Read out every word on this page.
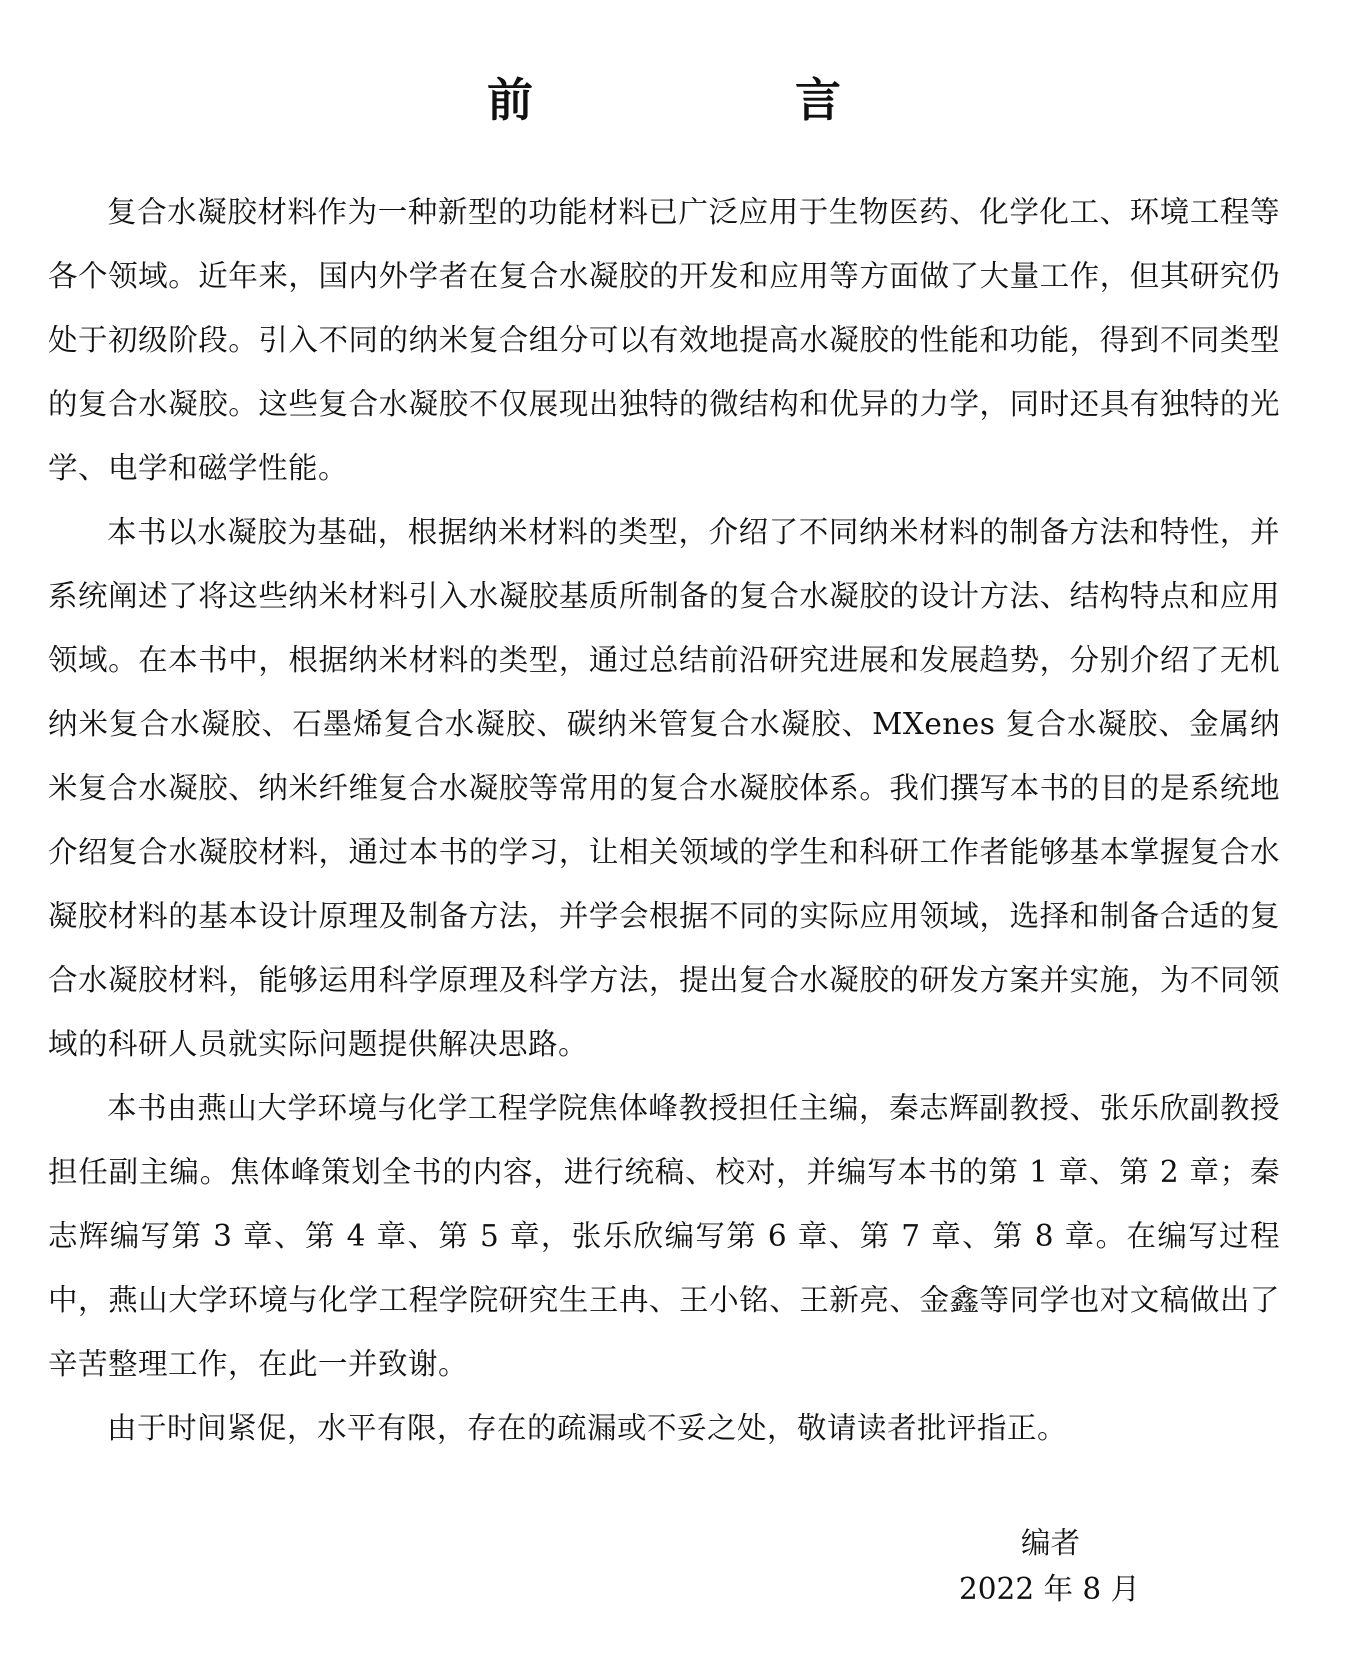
前　言

复合水凝胶材料作为一种新型的功能材料已广泛应用于生物医药、化学化工、环境工程等各个领域。近年来，国内外学者在复合水凝胶的开发和应用等方面做了大量工作，但其研究仍处于初级阶段。引入不同的纳米复合组分可以有效地提高水凝胶的性能和功能，得到不同类型的复合水凝胶。这些复合水凝胶不仅展现出独特的微结构和优异的力学，同时还具有独特的光学、电学和磁学性能。

本书以水凝胶为基础，根据纳米材料的类型，介绍了不同纳米材料的制备方法和特性，并系统阐述了将这些纳米材料引入水凝胶基质所制备的复合水凝胶的设计方法、结构特点和应用领域。在本书中，根据纳米材料的类型，通过总结前沿研究进展和发展趋势，分别介绍了无机纳米复合水凝胶、石墨烯复合水凝胶、碳纳米管复合水凝胶、MXenes 复合水凝胶、金属纳米复合水凝胶、纳米纤维复合水凝胶等常用的复合水凝胶体系。我们撰写本书的目的是系统地介绍复合水凝胶材料，通过本书的学习，让相关领域的学生和科研工作者能够基本掌握复合水凝胶材料的基本设计原理及制备方法，并学会根据不同的实际应用领域，选择和制备合适的复合水凝胶材料，能够运用科学原理及科学方法，提出复合水凝胶的研发方案并实施，为不同领域的科研人员就实际问题提供解决思路。

本书由燕山大学环境与化学工程学院焦体峰教授担任主编，秦志辉副教授、张乐欣副教授担任副主编。焦体峰策划全书的内容，进行统稿、校对，并编写本书的第 1 章、第 2 章；秦志辉编写第 3 章、第 4 章、第 5 章，张乐欣编写第 6 章、第 7 章、第 8 章。在编写过程中，燕山大学环境与化学工程学院研究生王冉、王小铭、王新亮、金鑫等同学也对文稿做出了辛苦整理工作，在此一并致谢。

由于时间紧促，水平有限，存在的疏漏或不妥之处，敬请读者批评指正。

编者
2022 年 8 月
